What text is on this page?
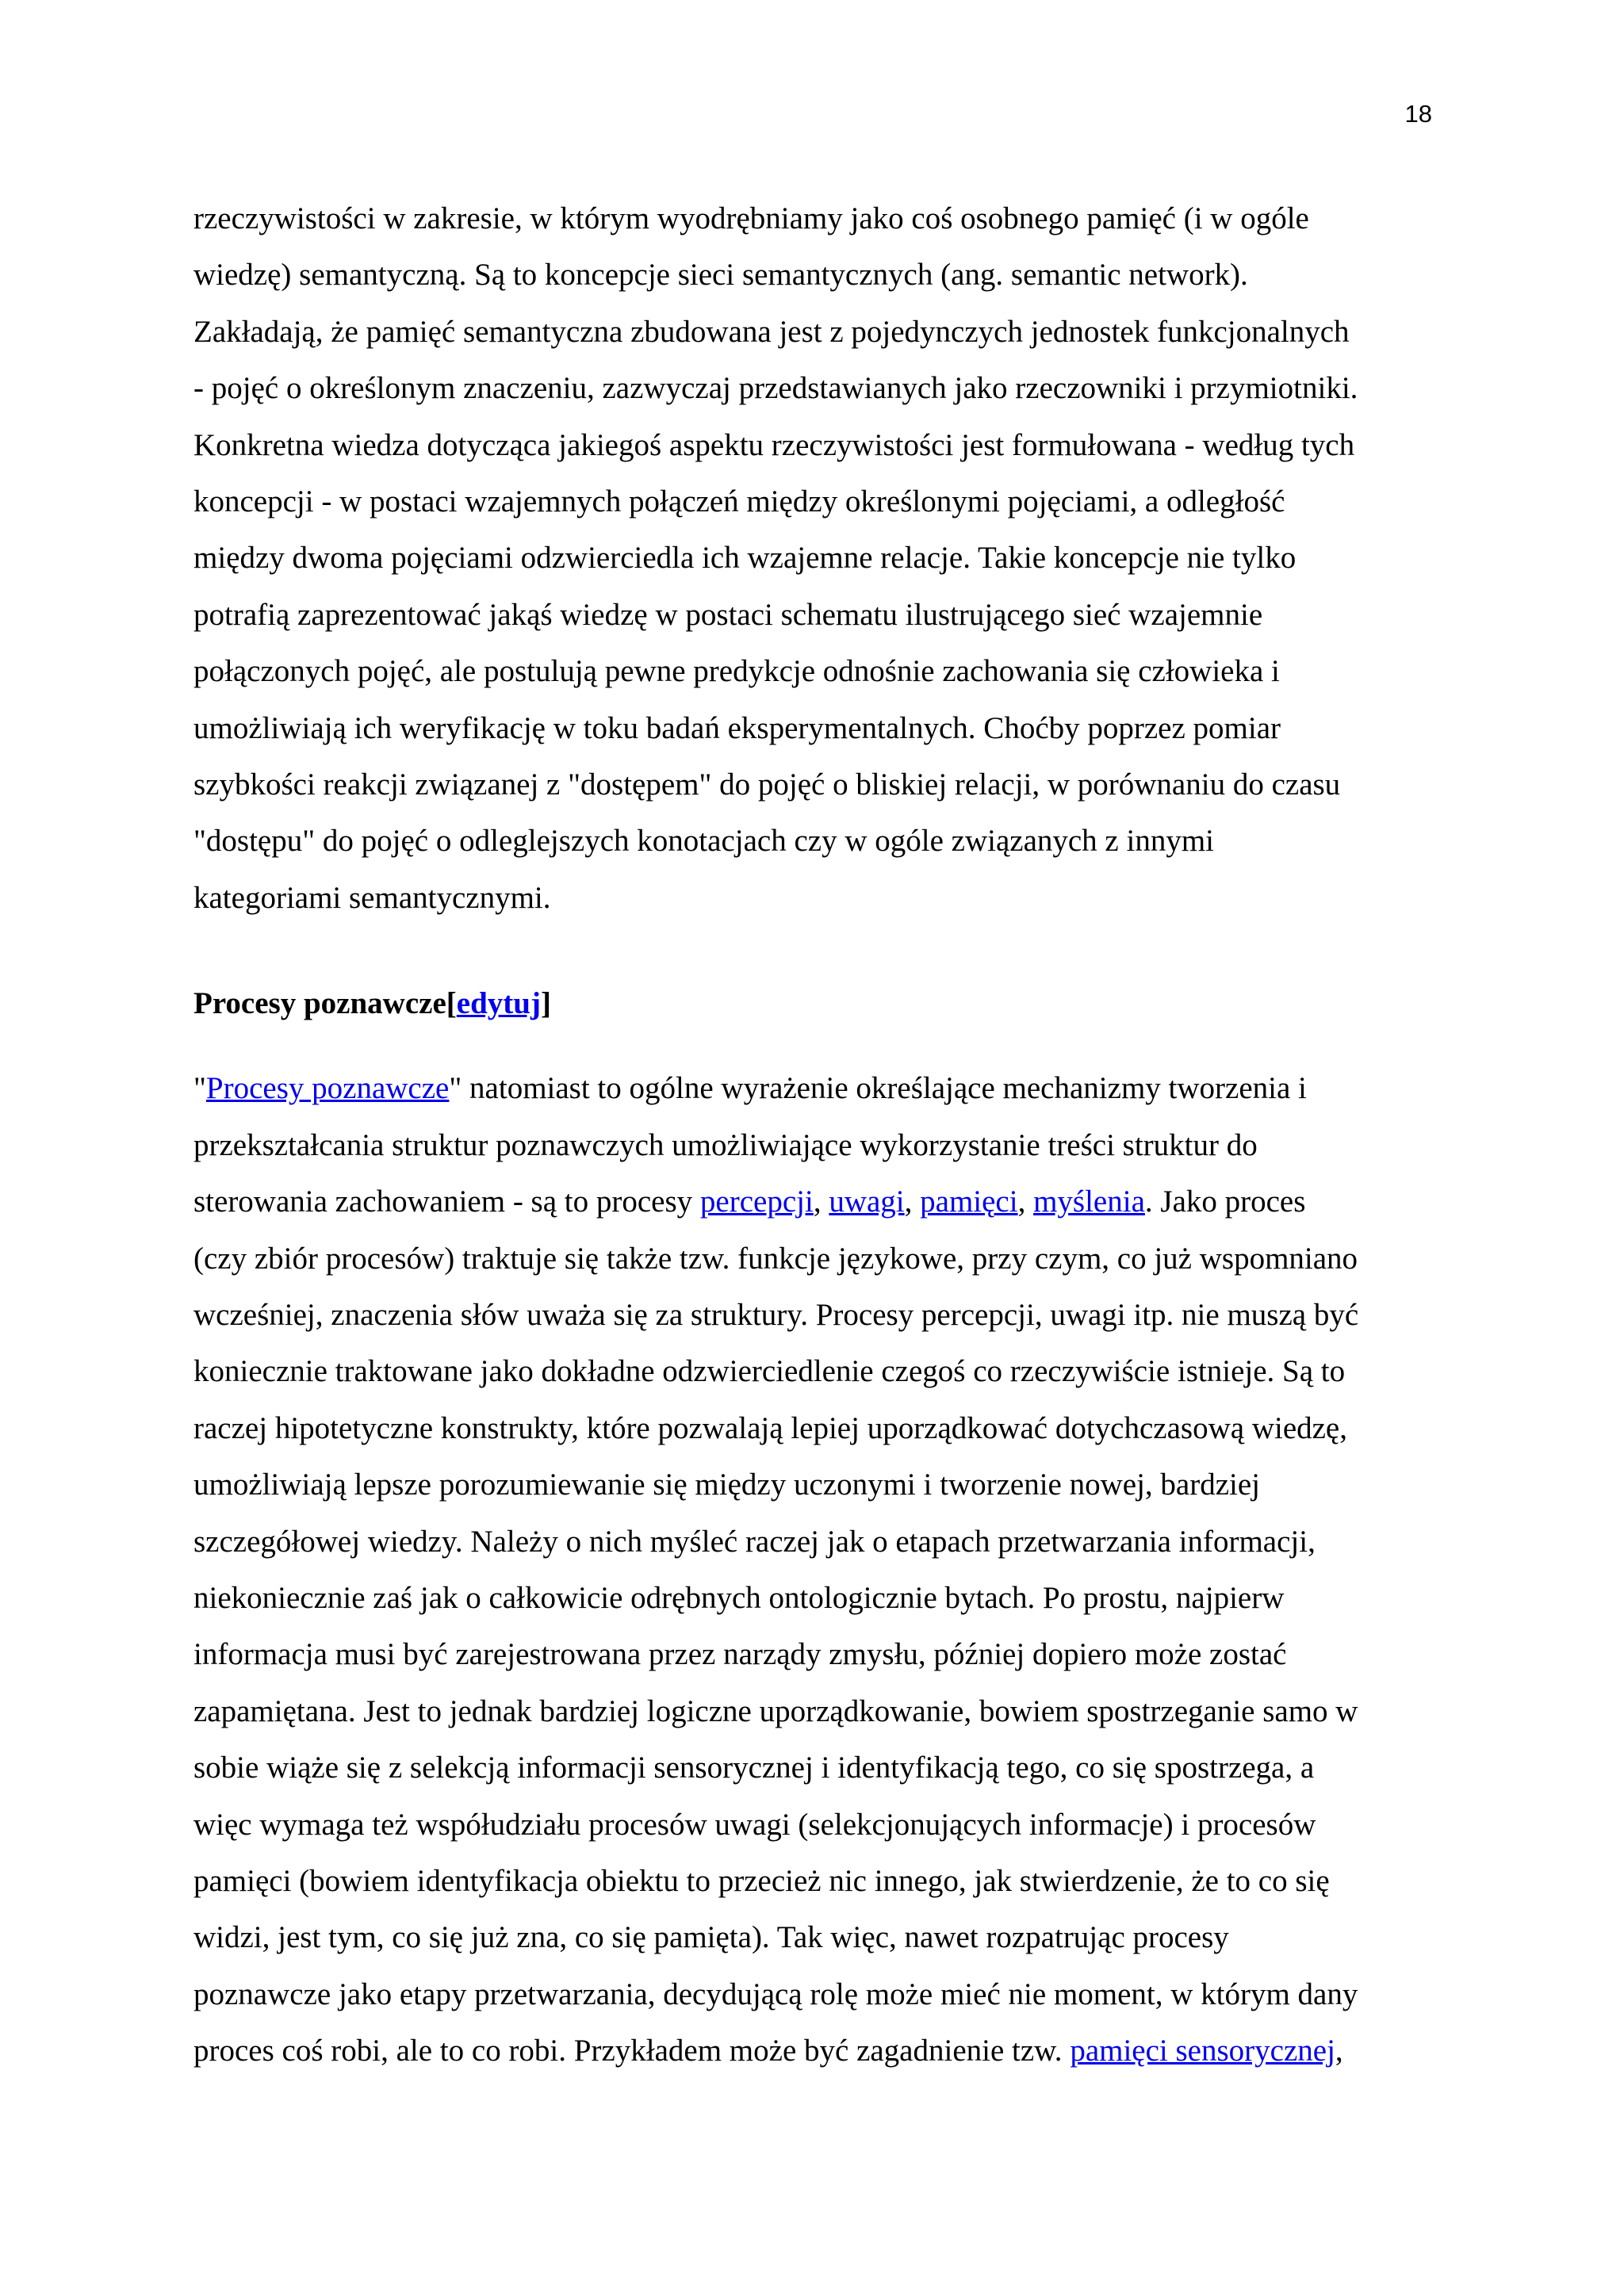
18

rzeczywistości w zakresie, w którym wyodrębniamy jako coś osobnego pamięć (i w ogóle
wiedzę) semantyczną. Są to koncepcje sieci semantycznych (ang. semantic network).
Zakładają, że pamięć semantyczna zbudowana jest z pojedynczych jednostek funkcjonalnych
- pojęć o określonym znaczeniu, zazwyczaj przedstawianych jako rzeczowniki i przymiotniki.
Konkretna wiedza dotycząca jakiegoś aspektu rzeczywistości jest formułowana - według tych
koncepcji - w postaci wzajemnych połączeń między określonymi pojęciami, a odległość
między dwoma pojęciami odzwierciedla ich wzajemne relacje. Takie koncepcje nie tylko
potrafią zaprezentować jakąś wiedzę w postaci schematu ilustrującego sieć wzajemnie
połączonych pojęć, ale postulują pewne predykcje odnośnie zachowania się człowieka i
umożliwiają ich weryfikację w toku badań eksperymentalnych. Choćby poprzez pomiar
szybkości reakcji związanej z "dostępem" do pojęć o bliskiej relacji, w porównaniu do czasu
"dostępu" do pojęć o odleglejszych konotacjach czy w ogóle związanych z innymi
kategoriami semantycznymi.

Procesy poznawcze[edytuj]

"Procesy poznawcze" natomiast to ogólne wyrażenie określające mechanizmy tworzenia i
przekształcania struktur poznawczych umożliwiające wykorzystanie treści struktur do
sterowania zachowaniem - są to procesy percepcji, uwagi, pamięci, myślenia. Jako proces
(czy zbiór procesów) traktuje się także tzw. funkcje językowe, przy czym, co już wspomniano
wcześniej, znaczenia słów uważa się za struktury. Procesy percepcji, uwagi itp. nie muszą być
koniecznie traktowane jako dokładne odzwierciedlenie czegoś co rzeczywiście istnieje. Są to
raczej hipotetyczne konstrukty, które pozwalają lepiej uporządkować dotychczasową wiedzę,
umożliwiają lepsze porozumiewanie się między uczonymi i tworzenie nowej, bardziej
szczegółowej wiedzy. Należy o nich myśleć raczej jak o etapach przetwarzania informacji,
niekoniecznie zaś jak o całkowicie odrębnych ontologicznie bytach. Po prostu, najpierw
informacja musi być zarejestrowana przez narządy zmysłu, później dopiero może zostać
zapamiętana. Jest to jednak bardziej logiczne uporządkowanie, bowiem spostrzeganie samo w
sobie wiąże się z selekcją informacji sensorycznej i identyfikacją tego, co się spostrzega, a
więc wymaga też współudziału procesów uwagi (selekcjonujących informacje) i procesów
pamięci (bowiem identyfikacja obiektu to przecież nic innego, jak stwierdzenie, że to co się
widzi, jest tym, co się już zna, co się pamięta). Tak więc, nawet rozpatrując procesy
poznawcze jako etapy przetwarzania, decydującą rolę może mieć nie moment, w którym dany
proces coś robi, ale to co robi. Przykładem może być zagadnienie tzw. pamięci sensorycznej,
